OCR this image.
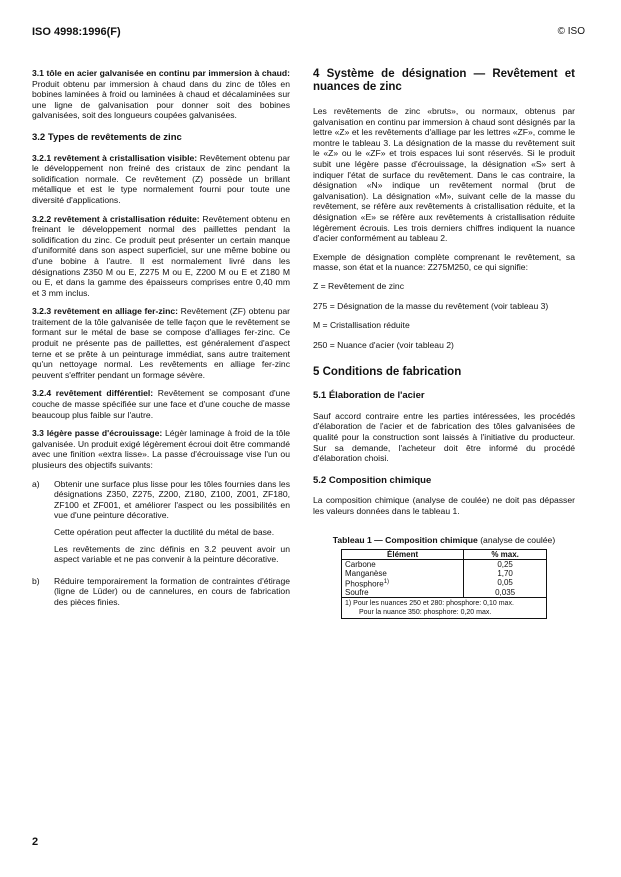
ISO 4998:1996(F)	© ISO

3.1 tôle en acier galvanisée en continu par immersion à chaud: Produit obtenu par immersion à chaud dans du zinc de tôles en bobines laminées à froid ou laminées à chaud et décalaminées sur une ligne de galvanisation pour donner soit des bobines galvanisées, soit des longueurs coupées galvanisées.

3.2 Types de revêtements de zinc

3.2.1 revêtement à cristallisation visible: Revêtement obtenu par le développement non freiné des cristaux de zinc pendant la solidification normale. Ce revêtement (Z) possède un brillant métallique et est le type normalement fourni pour toute une diversité d'applications.

3.2.2 revêtement à cristallisation réduite: Revêtement obtenu en freinant le développement normal des paillettes pendant la solidification du zinc. Ce produit peut présenter un certain manque d'uniformité dans son aspect superficiel, sur une même bobine ou d'une bobine à l'autre. Il est normalement livré dans les désignations Z350 M ou E, Z275 M ou E, Z200 M ou E et Z180 M ou E, et dans la gamme des épaisseurs comprises entre 0,40 mm et 3 mm inclus.

3.2.3 revêtement en alliage fer-zinc: Revêtement (ZF) obtenu par traitement de la tôle galvanisée de telle façon que le revêtement se formant sur le métal de base se compose d'alliages fer-zinc. Ce produit ne présente pas de paillettes, est généralement d'aspect terne et se prête à un peinturage immédiat, sans autre traitement qu'un nettoyage normal. Les revêtements en alliage fer-zinc peuvent s'effriter pendant un formage sévère.

3.2.4 revêtement différentiel: Revêtement se composant d'une couche de masse spécifiée sur une face et d'une couche de masse beaucoup plus faible sur l'autre.

3.3 légère passe d'écrouissage: Légèr laminage à froid de la tôle galvanisée. Un produit exigé légèrement écroui doit être commandé avec une finition «extra lisse». La passe d'écrouissage vise l'un ou plusieurs des objectifs suivants:

a)	Obtenir une surface plus lisse pour les tôles fournies dans les désignations Z350, Z275, Z200, Z180, Z100, Z001, ZF180, ZF100 et ZF001, et améliorer l'aspect ou les possibilités en vue d'une peinture décorative.

Cette opération peut affecter la ductilité du métal de base.

Les revêtements de zinc définis en 3.2 peuvent avoir un aspect variable et ne pas convenir à la peinture décorative.

b)	Réduire temporairement la formation de contraintes d'étirage (ligne de Lüder) ou de cannelures, en cours de fabrication des pièces finies.

4 Système de désignation — Revêtement et nuances de zinc

Les revêtements de zinc «bruts», ou normaux, obtenus par galvanisation en continu par immersion à chaud sont désignés par la lettre «Z» et les revêtements d'alliage par les lettres «ZF», comme le montre le tableau 3. La désignation de la masse du revêtement suit le «Z» ou le «ZF» et trois espaces lui sont réservés. Si le produit subit une légère passe d'écrouissage, la désignation «S» sert à indiquer l'état de surface du revêtement. Dans le cas contraire, la désignation «N» indique un revêtement normal (brut de galvanisation). La désignation «M», suivant celle de la masse du revêtement, se réfère aux revêtements à cristallisation réduite, et la désignation «E» se réfère aux revêtements à cristallisation réduite légèrement écrouis. Les trois derniers chiffres indiquent la nuance d'acier conformément au tableau 2.

Exemple de désignation complète comprenant le revêtement, sa masse, son état et la nuance: Z275M250, ce qui signifie:

Z = Revêtement de zinc

275 = Désignation de la masse du revêtement (voir tableau 3)

M = Cristallisation réduite

250 = Nuance d'acier (voir tableau 2)

5 Conditions de fabrication
5.1 Élaboration de l'acier

Sauf accord contraire entre les parties intéressées, les procédés d'élaboration de l'acier et de fabrication des tôles galvanisées de qualité pour la construction sont laissés à l'initiative du producteur. Sur sa demande, l'acheteur doit être informé du procédé d'élaboration choisi.

5.2 Composition chimique

La composition chimique (analyse de coulée) ne doit pas dépasser les valeurs données dans le tableau 1.

Tableau 1 — Composition chimique (analyse de coulée)
Élément	% max.
Carbone	0,25
Manganèse	1,70
Phosphore$^{1)}$	0,05
Soufre	0,035

1) Pour les nuances 250 et 280: phosphore: 0,10 max.
Pour la nuance 350: phosphore: 0,20 max.	
2
